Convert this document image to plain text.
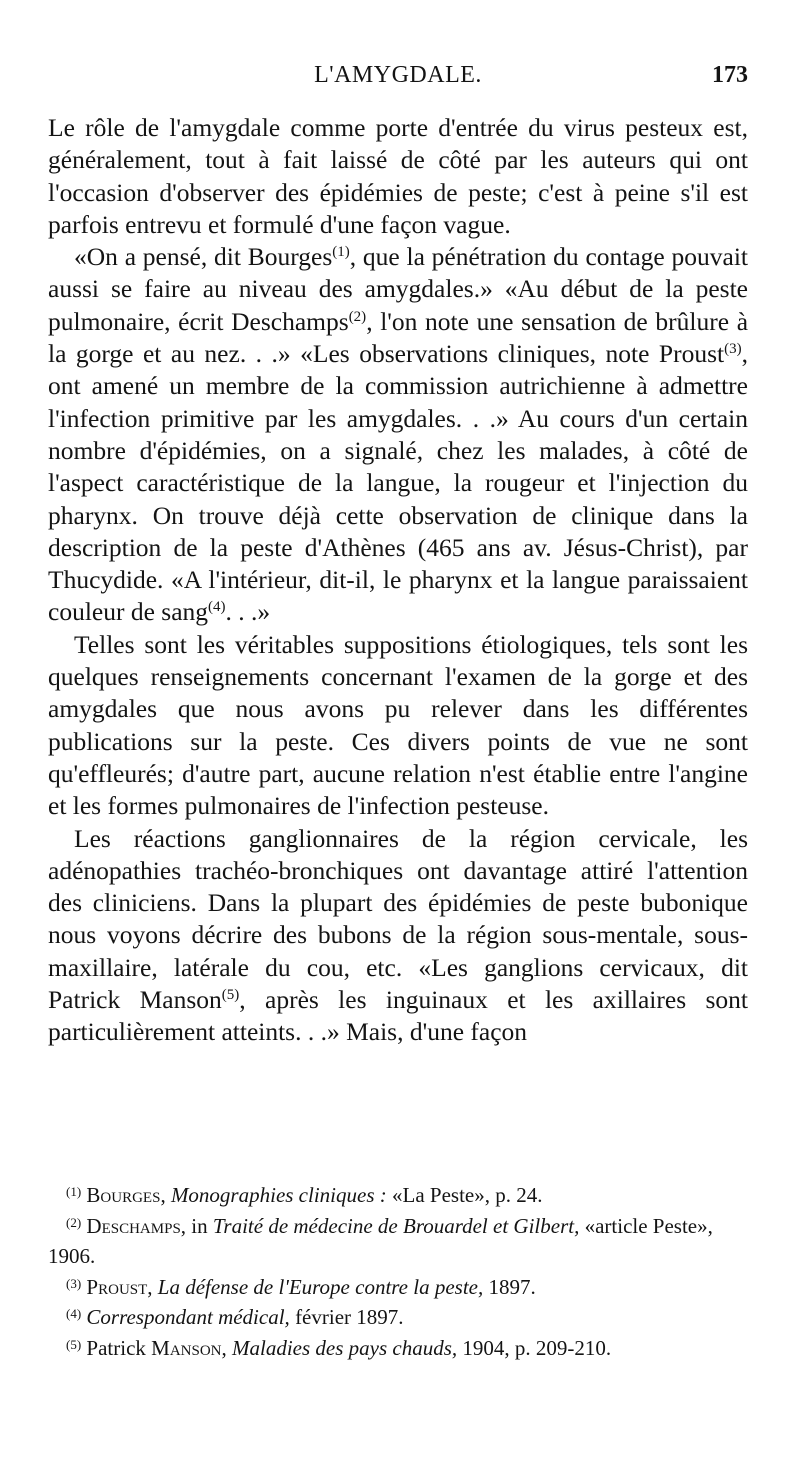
L'AMYGDALE.	173

Le rôle de l'amygdale comme porte d'entrée du virus pesteux est, généralement, tout à fait laissé de côté par les auteurs qui ont l'occasion d'observer des épidémies de peste; c'est à peine s'il est parfois entrevu et formulé d'une façon vague.

«On a pensé, dit Bourges$^{(1)}$, que la pénétration du contage pouvait aussi se faire au niveau des amygdales.» «Au début de la peste pulmonaire, écrit Deschamps$^{(2)}$, l'on note une sensation de brûlure à la gorge et au nez. . .» «Les observations cliniques, note Proust$^{(3)}$, ont amené un membre de la commission autrichienne à admettre l'infection primitive par les amygdales. . .» Au cours d'un certain nombre d'épidémies, on a signalé, chez les malades, à côté de l'aspect caractéristique de la langue, la rougeur et l'injection du pharynx. On trouve déjà cette observation de clinique dans la description de la peste d'Athènes (465 ans av. Jésus-Christ), par Thucydide. «A l'intérieur, dit-il, le pharynx et la langue paraissaient couleur de sang$^{(4)}$. . .»

Telles sont les véritables suppositions étiologiques, tels sont les quelques renseignements concernant l'examen de la gorge et des amygdales que nous avons pu relever dans les différentes publications sur la peste. Ces divers points de vue ne sont qu'effleurés; d'autre part, aucune relation n'est établie entre l'angine et les formes pulmonaires de l'infection pesteuse.

Les réactions ganglionnaires de la région cervicale, les adénopathies trachéo-bronchiques ont davantage attiré l'attention des cliniciens. Dans la plupart des épidémies de peste bubonique nous voyons décrire des bubons de la région sous-mentale, sous-maxillaire, latérale du cou, etc. «Les ganglions cervicaux, dit Patrick Manson$^{(5)}$, après les inguinaux et les axillaires sont particulièrement atteints. . .» Mais, d'une façon

$^{(1)}$ Bourges, Monographies cliniques : «La Peste», p. 24.

$^{(2)}$ Deschamps, in Traité de médecine de Brouardel et Gilbert, «article Peste», 1906.

$^{(3)}$ Proust, La défense de l'Europe contre la peste, 1897.

$^{(4)}$ Correspondant médical, février 1897.

$^{(5)}$ Patrick Manson, Maladies des pays chauds, 1904, p. 209-210.
